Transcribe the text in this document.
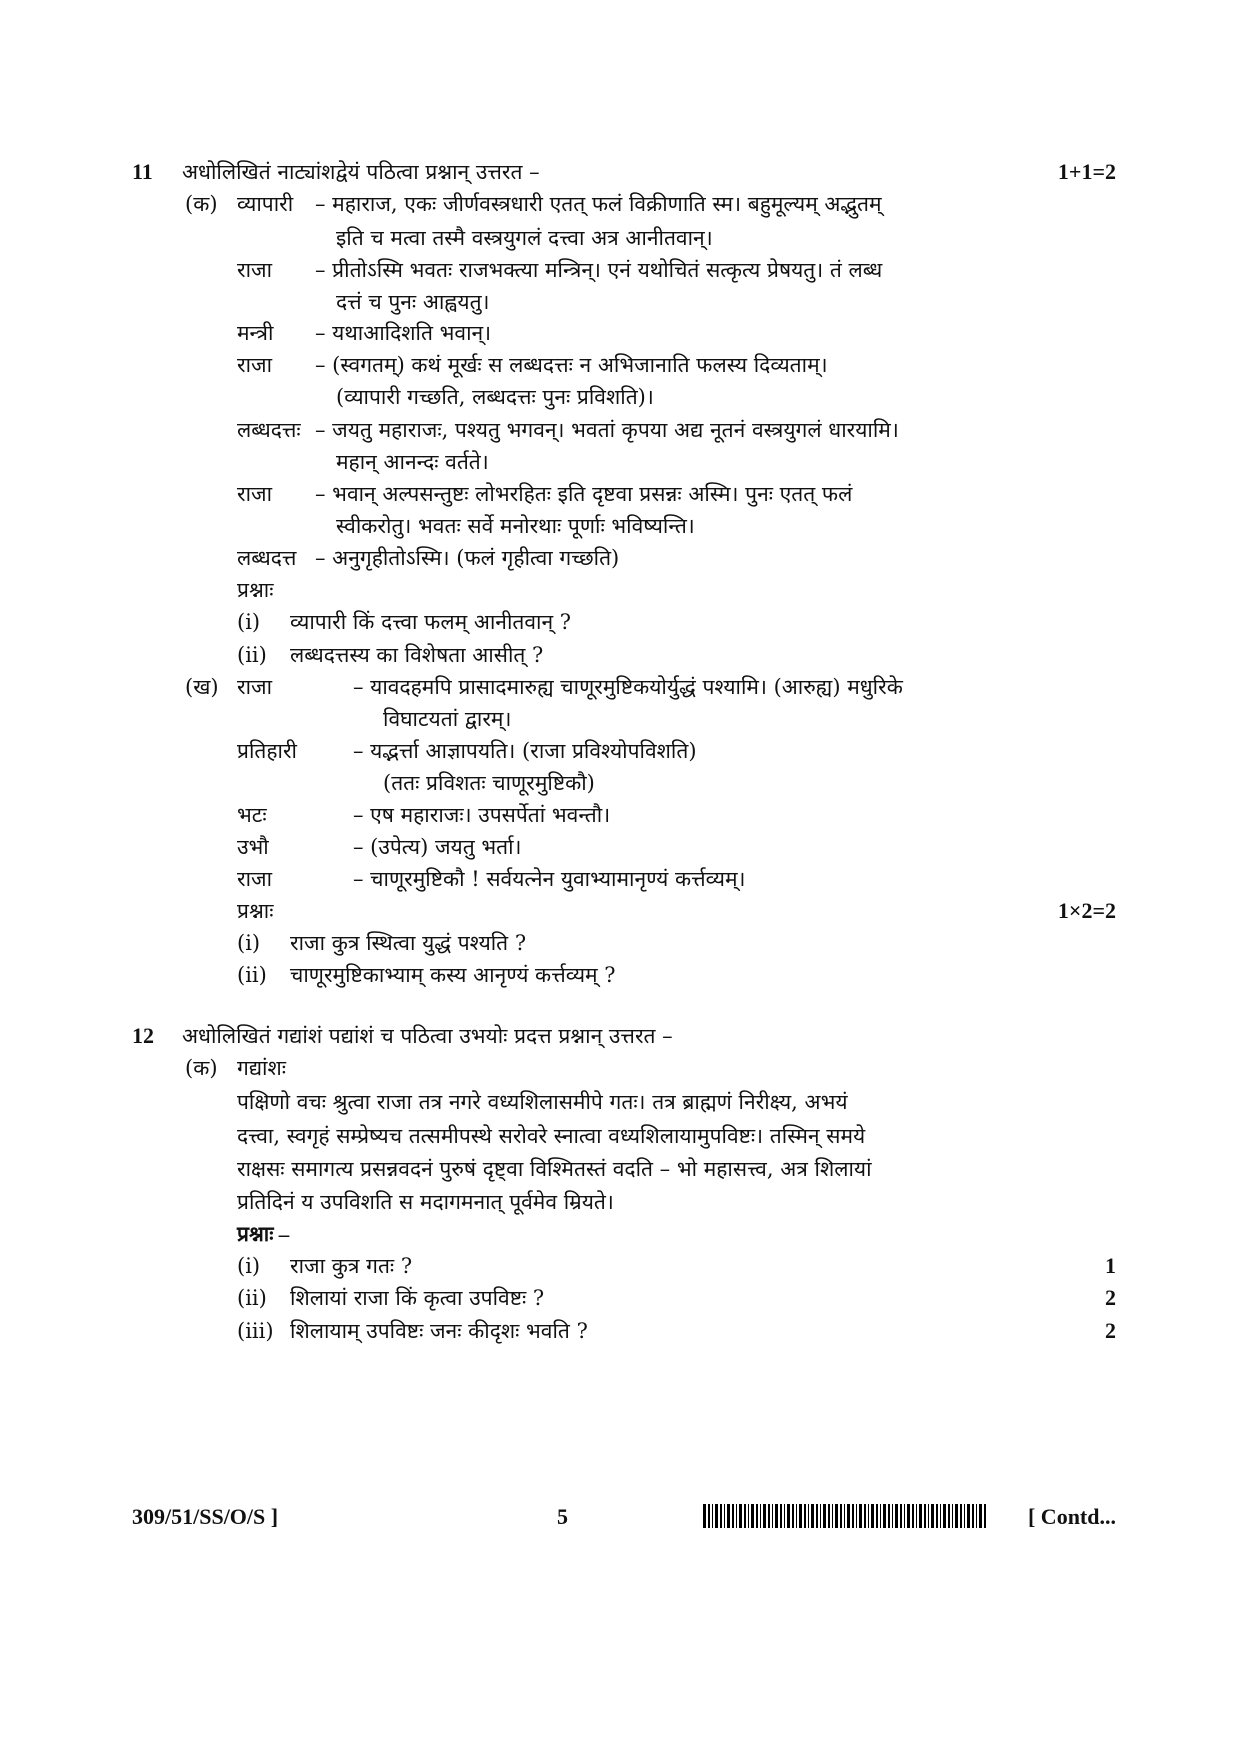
11 अधोलिखितं नाट्यांशद्वेयं पठित्वा प्रश्नान् उत्तरत –	1+1=2
(क) व्यापारी – महाराज, एकः जीर्णवस्त्रधारी एतत् फलं विक्रीणाति स्म। बहुमूल्यम् अद्भुतम्
इति च मत्वा तस्मै वस्त्रयुगलं दत्त्वा अत्र आनीतवान्।
राजा – प्रीतोऽस्मि भवतः राजभक्त्या मन्त्रिन्। एनं यथोचितं सत्कृत्य प्रेषयतु। तं लब्ध
दत्तं च पुनः आह्वयतु।
मन्त्री – यथाआदिशति भवान्।
राजा – (स्वगतम्) कथं मूर्खः स लब्धदत्तः न अभिजानाति फलस्य दिव्यताम्।
(व्यापारी गच्छति, लब्धदत्तः पुनः प्रविशति)।
लब्धदत्तः – जयतु महाराजः, पश्यतु भगवन्। भवतां कृपया अद्य नूतनं वस्त्रयुगलं धारयामि।
महान् आनन्दः वर्तते।
राजा – भवान् अल्पसन्तुष्टः लोभरहितः इति दृष्टवा प्रसन्नः अस्मि। पुनः एतत् फलं
स्वीकरोतु। भवतः सर्वे मनोरथाः पूर्णाः भविष्यन्ति।
लब्धदत्त – अनुगृहीतोऽस्मि। (फलं गृहीत्वा गच्छति)
प्रश्नाः
(i) व्यापारी किं दत्त्वा फलम् आनीतवान् ?
(ii) लब्धदत्तस्य का विशेषता आसीत् ?
(ख) राजा	– यावदहमपि प्रासादमारुह्य चाणूरमुष्टिकयोर्युद्धं पश्यामि। (आरुह्य) मधुरिके
विघाटयतां द्वारम्।
प्रतिहारी	– यद्भर्त्ता आज्ञापयति। (राजा प्रविश्योपविशति)
(ततः प्रविशतः चाणूरमुष्टिकौ)
भटः	– एष महाराजः। उपसर्पेतां भवन्तौ।
उभौ	– (उपेत्य) जयतु भर्ता।
राजा	– चाणूरमुष्टिकौ ! सर्वयत्नेन युवाभ्यामानृण्यं कर्त्तव्यम्।
प्रश्नाः	1×2=2
(i) राजा कुत्र स्थित्वा युद्धं पश्यति ?
(ii) चाणूरमुष्टिकाभ्याम् कस्य आनृण्यं कर्त्तव्यम् ?
12 अधोलिखितं गद्यांशं पद्यांशं च पठित्वा उभयोः प्रदत्त प्रश्नान् उत्तरत –
(क) गद्यांशः
पक्षिणो वचः श्रुत्वा राजा तत्र नगरे वध्यशिलासमीपे गतः। तत्र ब्राह्मणं निरीक्ष्य, अभयं
दत्त्वा, स्वगृहं सम्प्रेष्यच तत्समीपस्थे सरोवरे स्नात्वा वध्यशिलायामुपविष्टः। तस्मिन् समये
राक्षसः समागत्य प्रसन्नवदनं पुरुषं दृष्ट्वा विश्मितस्तं वदति – भो महासत्त्व, अत्र शिलायां
प्रतिदिनं य उपविशति स मदागमनात् पूर्वमेव म्रियते।
प्रश्नाः –
(i) राजा कुत्र गतः ?	1
(ii) शिलायां राजा किं कृत्वा उपविष्टः ?	2
(iii) शिलायाम् उपविष्टः जनः कीदृशः भवति ?	2
309/51/SS/O/S ]	5	[ Contd...
